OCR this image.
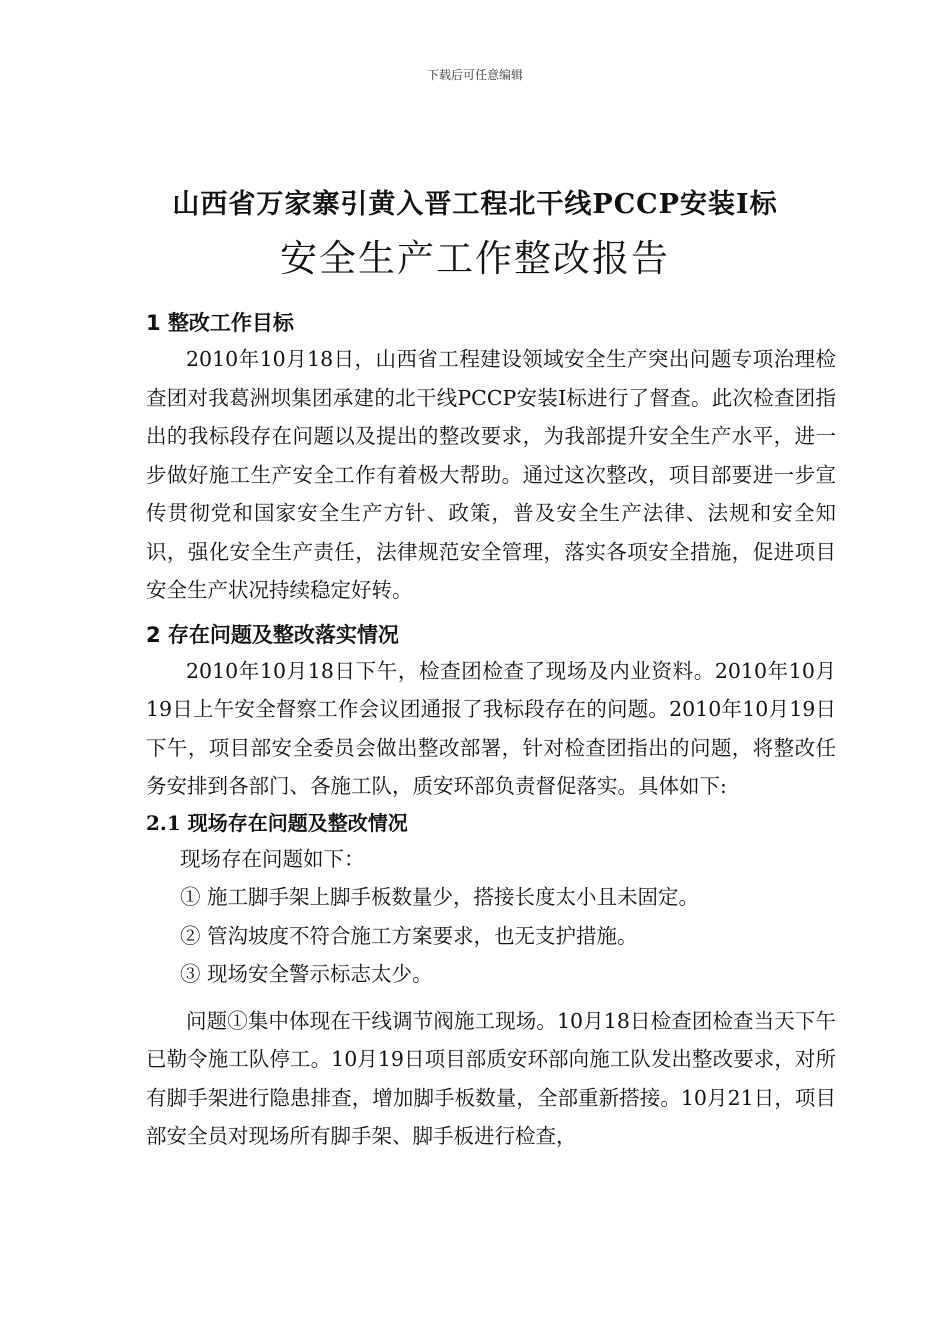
下载后可任意编辑
山西省万家寨引黄入晋工程北干线PCCP安装Ⅰ标
安全生产工作整改报告

1 整改工作目标

2010年10月18日，山西省工程建设领域安全生产突出问题专项治理检查团对我葛洲坝集团承建的北干线PCCP安装Ⅰ标进行了督查。此次检查团指出的我标段存在问题以及提出的整改要求，为我部提升安全生产水平，进一步做好施工生产安全工作有着极大帮助。通过这次整改，项目部要进一步宣传贯彻党和国家安全生产方针、政策，普及安全生产法律、法规和安全知识，强化安全生产责任，法律规范安全管理，落实各项安全措施，促进项目安全生产状况持续稳定好转。

2 存在问题及整改落实情况

2010年10月18日下午，检查团检查了现场及内业资料。2010年10月19日上午安全督察工作会议团通报了我标段存在的问题。2010年10月19日下午，项目部安全委员会做出整改部署，针对检查团指出的问题，将整改任务安排到各部门、各施工队，质安环部负责督促落实。具体如下:

2.1 现场存在问题及整改情况

现场存在问题如下：

① 施工脚手架上脚手板数量少，搭接长度太小且未固定。

② 管沟坡度不符合施工方案要求，也无支护措施。

③ 现场安全警示标志太少。

问题①集中体现在干线调节阀施工现场。10月18日检查团检查当天下午已勒令施工队停工。10月19日项目部质安环部向施工队发出整改要求，对所有脚手架进行隐患排查，增加脚手板数量，全部重新搭接。10月21日，项目部安全员对现场所有脚手架、脚手板进行检查，
